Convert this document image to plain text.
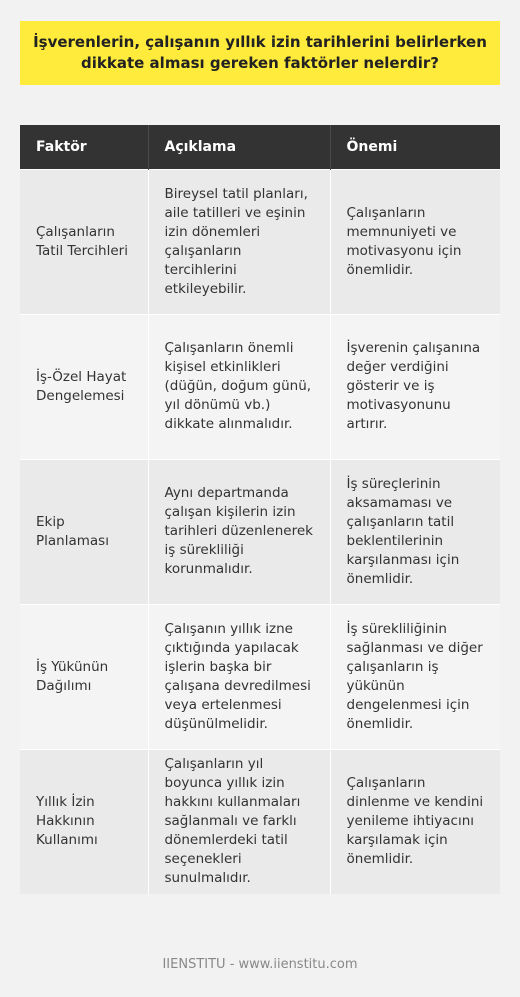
İşverenlerin, çalışanın yıllık izin tarihlerini belirlerken dikkate alması gereken faktörler nelerdir?
Faktör	Açıklama	Önemi
Çalışanların Tatil Tercihleri	Bireysel tatil planları, aile tatilleri ve eşinin izin dönemleri çalışanların tercihlerini etkileyebilir.	Çalışanların memnuniyeti ve motivasyonu için önemlidir.
İş-Özel Hayat Dengelemesi	Çalışanların önemli kişisel etkinlikleri (düğün, doğum günü, yıl dönümü vb.) dikkate alınmalıdır.	İşverenin çalışanına değer verdiğini gösterir ve iş motivasyonunu artırır.
Ekip Planlaması	Aynı departmanda çalışan kişilerin izin tarihleri düzenlenerek iş sürekliliği korunmalıdır.	İş süreçlerinin aksamaması ve çalışanların tatil beklentilerinin karşılanması için önemlidir.
İş Yükünün Dağılımı	Çalışanın yıllık izne çıktığında yapılacak işlerin başka bir çalışana devredilmesi veya ertelenmesi düşünülmelidir.	İş sürekliliğinin sağlanması ve diğer çalışanların iş yükünün dengelenmesi için önemlidir.
Yıllık İzin Hakkının Kullanımı	Çalışanların yıl boyunca yıllık izin hakkını kullanmaları sağlanmalı ve farklı dönemlerdeki tatil seçenekleri sunulmalıdır.	Çalışanların dinlenme ve kendini yenileme ihtiyacını karşılamak için önemlidir.
IIENSTITU - www.iienstitu.com
